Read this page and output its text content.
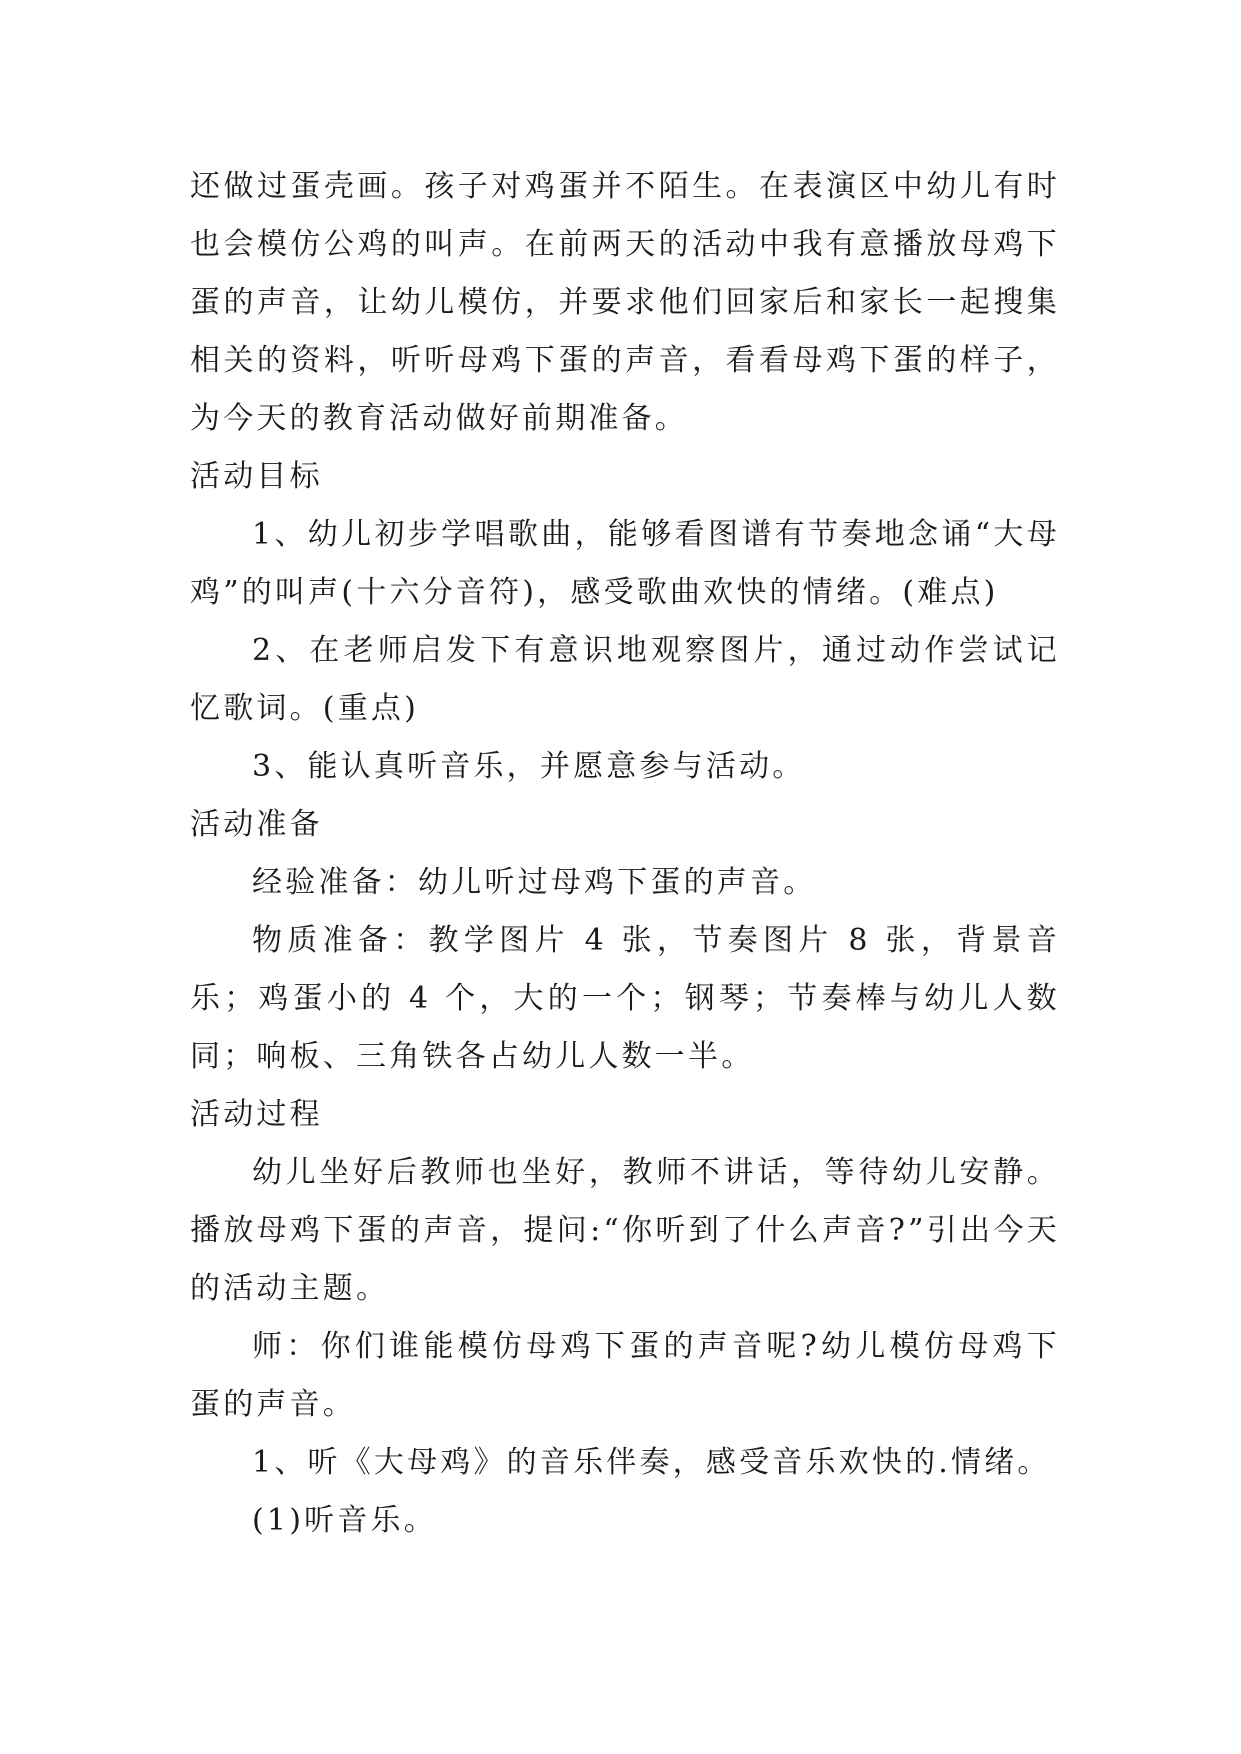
还做过蛋壳画。孩子对鸡蛋并不陌生。在表演区中幼儿有时也会模仿公鸡的叫声。在前两天的活动中我有意播放母鸡下蛋的声音，让幼儿模仿，并要求他们回家后和家长一起搜集相关的资料，听听母鸡下蛋的声音，看看母鸡下蛋的样子，为今天的教育活动做好前期准备。

活动目标

1、幼儿初步学唱歌曲，能够看图谱有节奏地念诵“大母鸡”的叫声(十六分音符)，感受歌曲欢快的情绪。(难点)

2、在老师启发下有意识地观察图片，通过动作尝试记忆歌词。(重点)

3、能认真听音乐，并愿意参与活动。

活动准备

经验准备：幼儿听过母鸡下蛋的声音。

物质准备：教学图片 4 张，节奏图片 8 张，背景音乐；鸡蛋小的 4 个，大的一个；钢琴；节奏棒与幼儿人数同；响板、三角铁各占幼儿人数一半。

活动过程

幼儿坐好后教师也坐好，教师不讲话，等待幼儿安静。播放母鸡下蛋的声音，提问:“你听到了什么声音?”引出今天的活动主题。

师：你们谁能模仿母鸡下蛋的声音呢?幼儿模仿母鸡下蛋的声音。

1、听《大母鸡》的音乐伴奏，感受音乐欢快的.情绪。

(1)听音乐。
